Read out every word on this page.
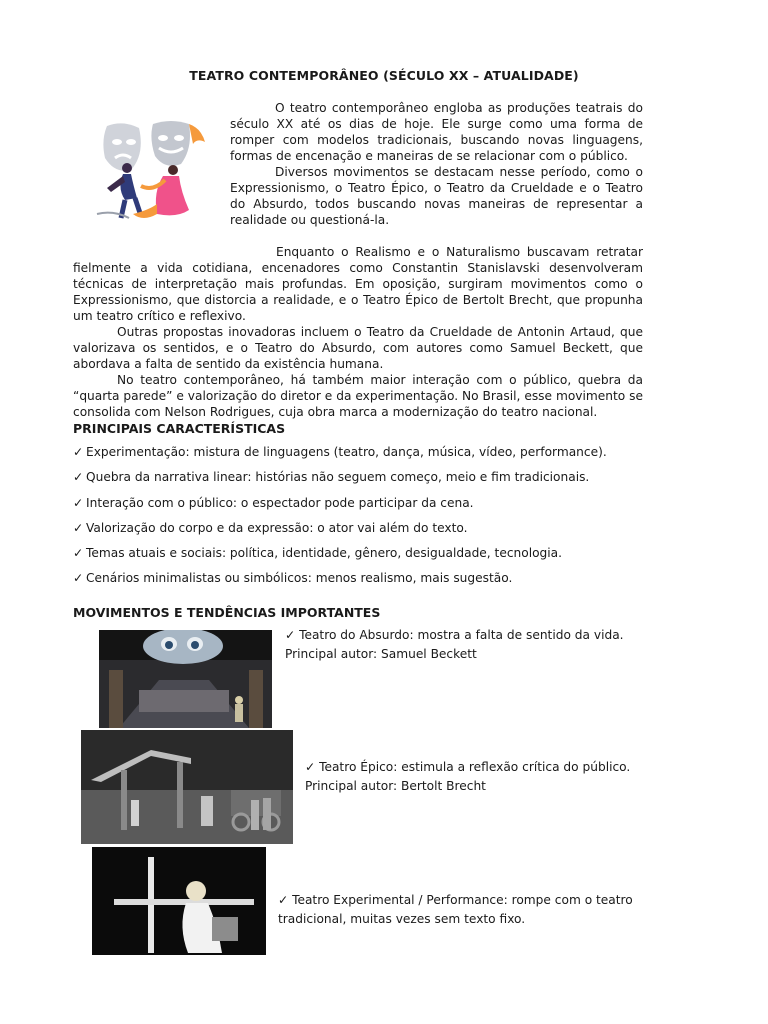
TEATRO CONTEMPORÂNEO (SÉCULO XX – ATUALIDADE)

O teatro contemporâneo engloba as produções teatrais do século XX até os dias de hoje. Ele surge como uma forma de romper com modelos tradicionais, buscando novas linguagens, formas de encenação e maneiras de se relacionar com o público.

Diversos movimentos se destacam nesse período, como o Expressionismo, o Teatro Épico, o Teatro da Crueldade e o Teatro do Absurdo, todos buscando novas maneiras de representar a realidade ou questioná-la.

Enquanto o Realismo e o Naturalismo buscavam retratar fielmente a vida cotidiana, encenadores como Constantin Stanislavski desenvolveram técnicas de interpretação mais profundas. Em oposição, surgiram movimentos como o Expressionismo, que distorcia a realidade, e o Teatro Épico de Bertolt Brecht, que propunha um teatro crítico e reflexivo.

Outras propostas inovadoras incluem o Teatro da Crueldade de Antonin Artaud, que valorizava os sentidos, e o Teatro do Absurdo, com autores como Samuel Beckett, que abordava a falta de sentido da existência humana.

No teatro contemporâneo, há também maior interação com o público, quebra da “quarta parede” e valorização do diretor e da experimentação. No Brasil, esse movimento se consolida com Nelson Rodrigues, cuja obra marca a modernização do teatro nacional.

PRINCIPAIS CARACTERÍSTICAS
✓ Experimentação: mistura de linguagens (teatro, dança, música, vídeo, performance).
✓ Quebra da narrativa linear: histórias não seguem começo, meio e fim tradicionais.
✓ Interação com o público: o espectador pode participar da cena.
✓ Valorização do corpo e da expressão: o ator vai além do texto.
✓ Temas atuais e sociais: política, identidade, gênero, desigualdade, tecnologia.
✓ Cenários minimalistas ou simbólicos: menos realismo, mais sugestão.
MOVIMENTOS E TENDÊNCIAS IMPORTANTES
✓ Teatro do Absurdo: mostra a falta de sentido da vida.
Principal autor: Samuel Beckett
✓ Teatro Épico: estimula a reflexão crítica do público.
Principal autor: Bertolt Brecht
✓ Teatro Experimental / Performance: rompe com o teatro
tradicional, muitas vezes sem texto fixo.
